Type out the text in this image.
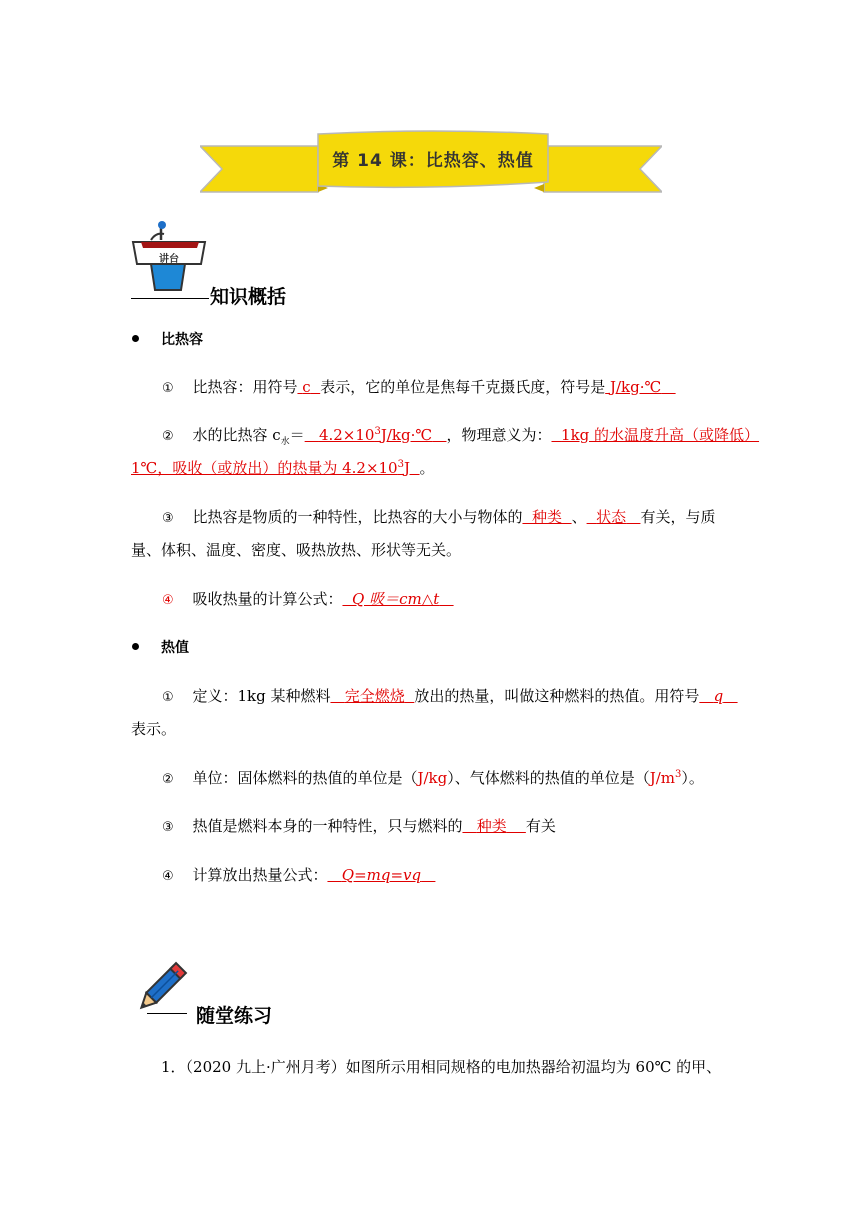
第 14 课：比热容、热值
讲台
知识概括
比热容
① 比热容：用符号 c 表示，它的单位是焦每千克摄氏度，符号是 J/kg·℃
② 水的比热容 $c_水=$ $4.2\times 10^3J/kg\cdot℃$ ，物理意义为： 1kg 的水温度升高（或降低）
1℃，吸收（或放出）的热量为 $4.2\times 10^3J$ 。
③ 比热容是物质的一种特性，比热容的大小与物体的 种类 、 状态 有关，与质
量、体积、温度、密度、吸热放热、形状等无关。
④ 吸收热量的计算公式： Q 吸＝cm△t
热值
① 定义：1kg 某种燃料 完全燃烧 放出的热量，叫做这种燃料的热值。用符号 q
表示。
② 单位：固体燃料的热值的单位是（J/kg）、气体燃料的热值的单位是$(J/m^3)$。
③ 热值是燃料本身的一种特性，只与燃料的 种类 有关
④ 计算放出热量公式： Q=mq=vq
随堂练习
1．（2020 九上·广州月考）如图所示用相同规格的电加热器给初温均为 60℃ 的甲、
